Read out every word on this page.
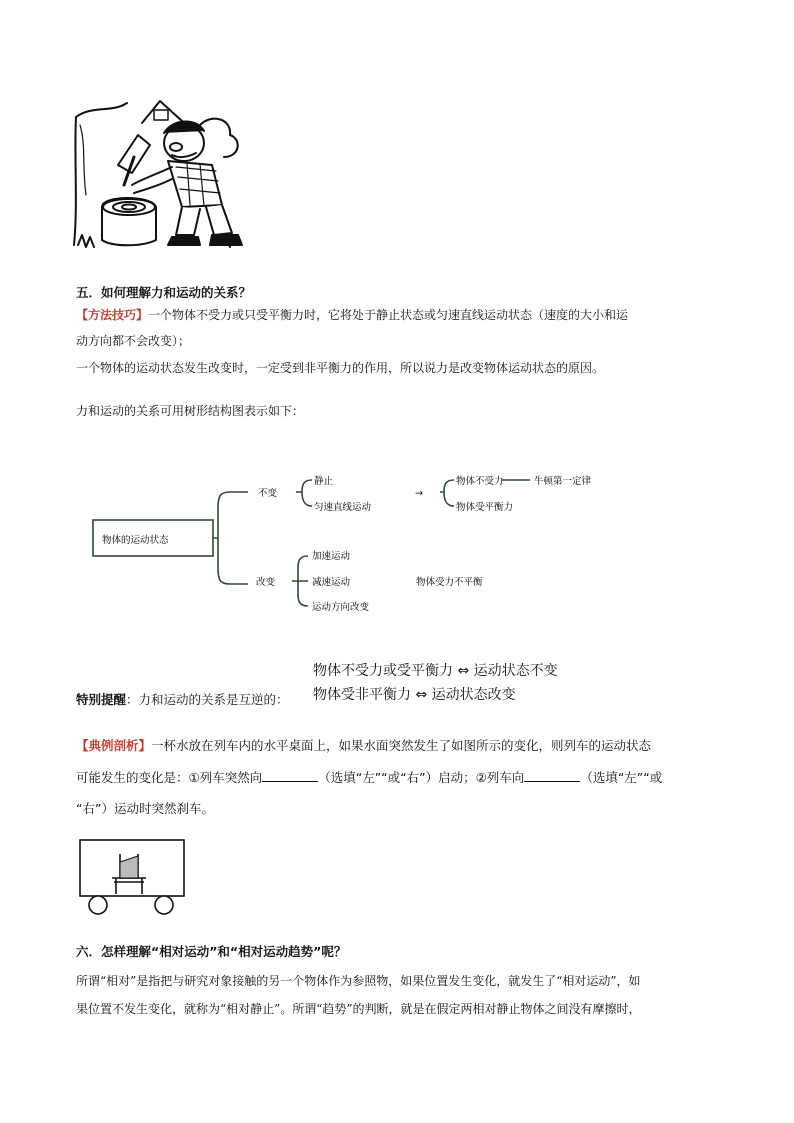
五．如何理解力和运动的关系？
【方法技巧】一个物体不受力或只受平衡力时，它将处于静止状态或匀速直线运动状态（速度的大小和运
动方向都不会改变）；
一个物体的运动状态发生改变时，一定受到非平衡力的作用，所以说力是改变物体运动状态的原因。
力和运动的关系可用树形结构图表示如下：
物体的运动状态
不变
改变
静止
匀速直线运动
→
物体不受力
物体受平衡力
牛顿第一定律
加速运动
减速运动
运动方向改变
物体受力不平衡
物体不受力或受平衡力 ⇔ 运动状态不变
物体受非平衡力 ⇔ 运动状态改变
特别提醒：力和运动的关系是互逆的：
【典例剖析】一杯水放在列车内的水平桌面上，如果水面突然发生了如图所示的变化，则列车的运动状态
可能发生的变化是：①列车突然向	（选填“左”“或“右”）启动；②列车向	（选填“左”“或
“右”）运动时突然刹车。
六．怎样理解“相对运动”和“相对运动趋势”呢？
所谓“相对”是指把与研究对象接触的另一个物体作为参照物，如果位置发生变化，就发生了“相对运动”，如
果位置不发生变化，就称为“相对静止”。所谓“趋势”的判断，就是在假定两相对静止物体之间没有摩擦时，
